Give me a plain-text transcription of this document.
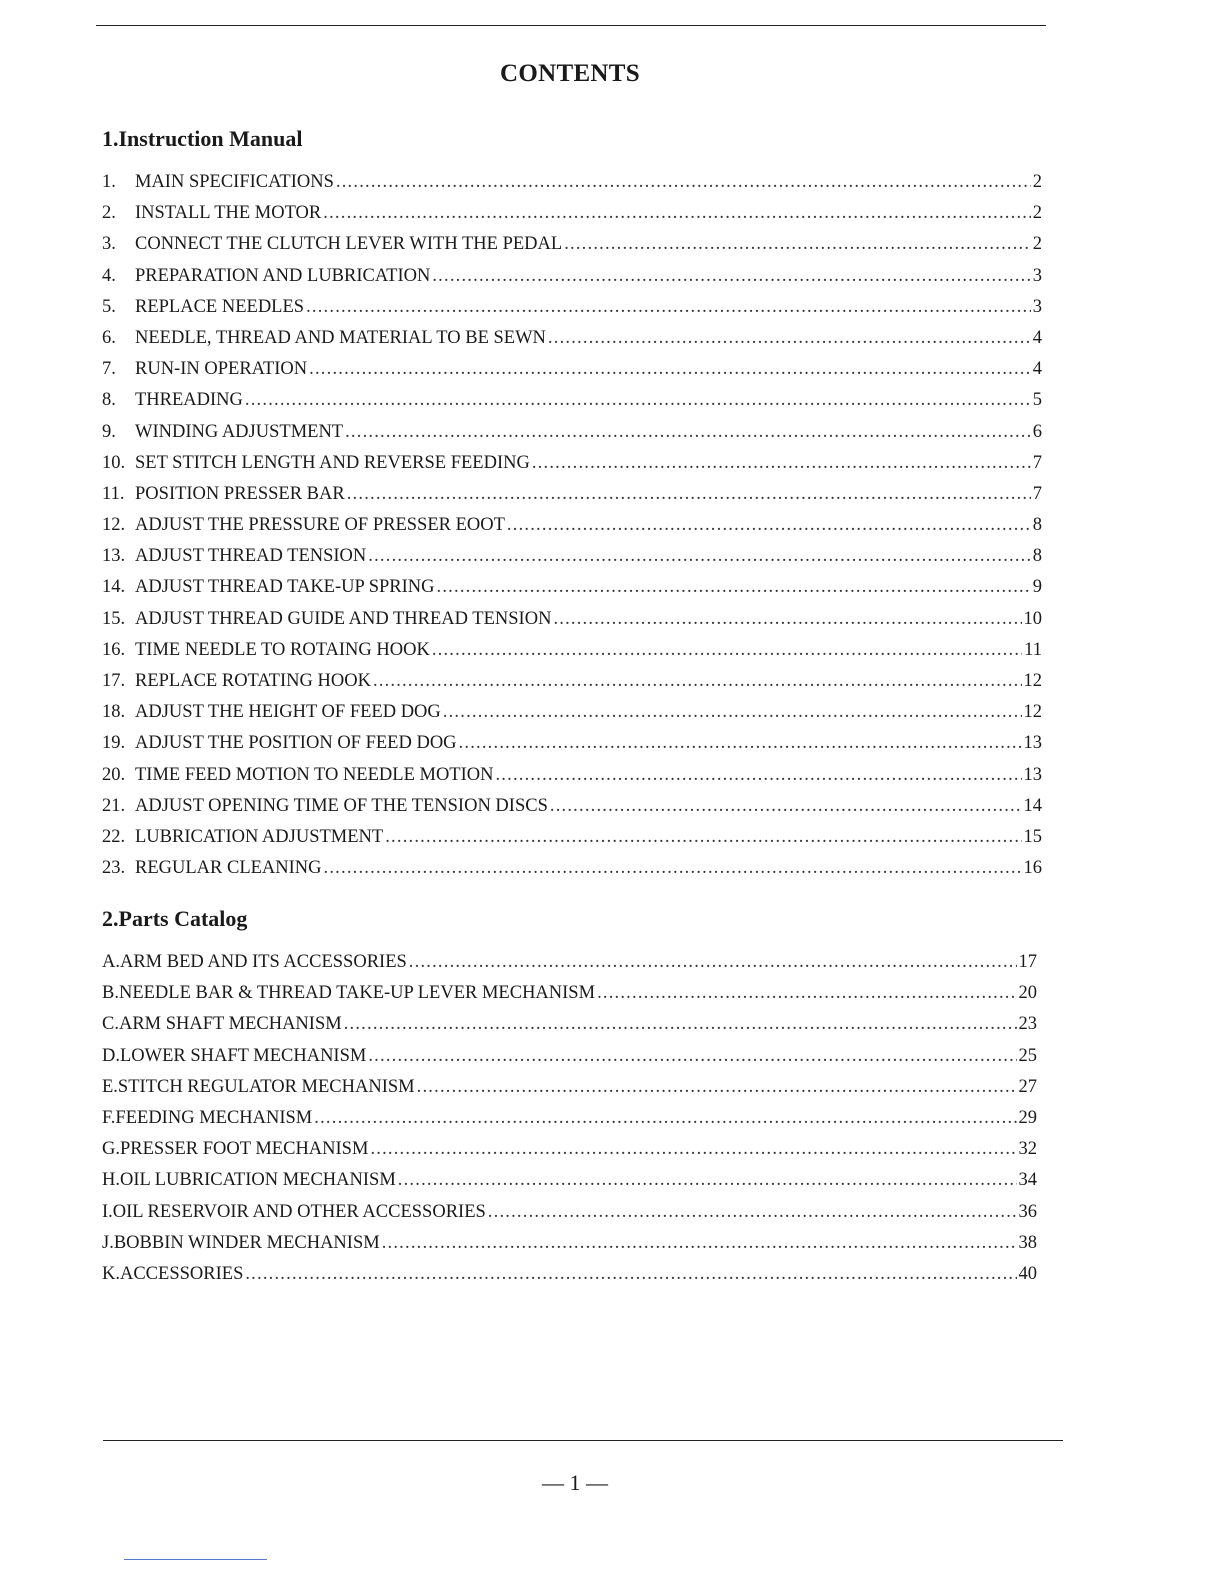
CONTENTS
1.Instruction Manual
1.	MAIN SPECIFICATIONS .....	2
2.	INSTALL THE MOTOR .....	2
3.	CONNECT THE CLUTCH LEVER WITH THE PEDAL .....	2
4.	PREPARATION AND LUBRICATION .....	3
5.	REPLACE NEEDLES .....	3
6.	NEEDLE, THREAD AND MATERIAL TO BE SEWN .....	4
7.	RUN-IN OPERATION .....	4
8.	THREADING .....	5
9.	WINDING ADJUSTMENT .....	6
10. SET STITCH LENGTH AND REVERSE FEEDING .....	7
11. POSITION PRESSER BAR .....	7
12. ADJUST THE PRESSURE OF PRESSER EOOT .....	8
13. ADJUST THREAD TENSION .....	8
14. ADJUST THREAD TAKE-UP SPRING .....	9
15. ADJUST THREAD GUIDE AND THREAD TENSION .....	10
16. TIME NEEDLE TO ROTAING HOOK .....	11
17. REPLACE ROTATING HOOK .....	12
18. ADJUST THE HEIGHT OF FEED DOG .....	12
19. ADJUST THE POSITION OF FEED DOG .....	13
20. TIME FEED MOTION TO NEEDLE MOTION .....	13
21. ADJUST OPENING TIME OF THE TENSION DISCS .....	14
22. LUBRICATION ADJUSTMENT .....	15
23. REGULAR CLEANING .....	16
2.Parts Catalog
A.ARM BED AND ITS ACCESSORIES .....	17
B.NEEDLE BAR & THREAD TAKE-UP LEVER MECHANISM .....	20
C.ARM SHAFT MECHANISM .....	23
D.LOWER SHAFT MECHANISM .....	25
E.STITCH REGULATOR MECHANISM .....	27
F.FEEDING MECHANISM .....	29
G.PRESSER FOOT MECHANISM .....	32
H.OIL LUBRICATION MECHANISM .....	34
I.OIL RESERVOIR AND OTHER ACCESSORIES .....	36
J.BOBBIN WINDER MECHANISM .....	38
K.ACCESSORIES .....	40
— 1 —
